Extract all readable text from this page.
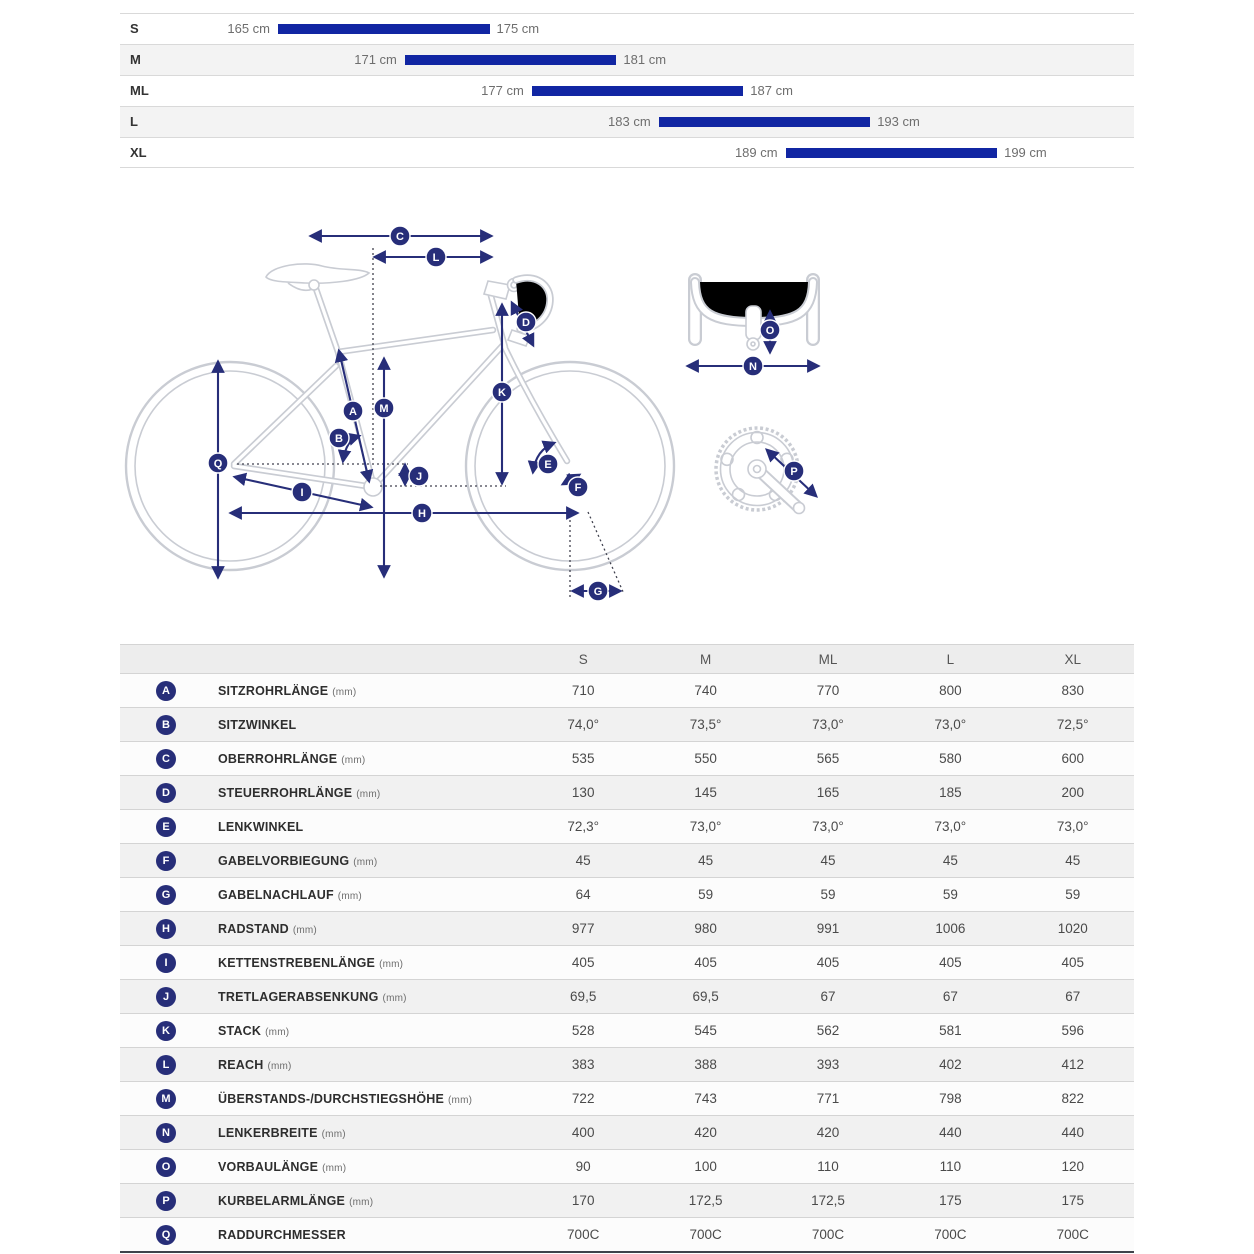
S	165 cm	175 cm
M	171 cm	181 cm
ML	177 cm	187 cm
L	183 cm	193 cm
XL	189 cm	199 cm
A
B
C
D
E
F
G
H
I
J
K
L
M
N
O
P
Q
S	M	ML	L	XL
A	SITZROHRLÄNGE (mm)	710	740	770	800	830
B	SITZWINKEL	74,0°	73,5°	73,0°	73,0°	72,5°
C	OBERROHRLÄNGE (mm)	535	550	565	580	600
D	STEUERROHRLÄNGE (mm)	130	145	165	185	200
E	LENKWINKEL	72,3°	73,0°	73,0°	73,0°	73,0°
F	GABELVORBIEGUNG (mm)	45	45	45	45	45
G	GABELNACHLAUF (mm)	64	59	59	59	59
H	RADSTAND (mm)	977	980	991	1006	1020
I	KETTENSTREBENLÄNGE (mm)	405	405	405	405	405
J	TRETLAGERABSENKUNG (mm)	69,5	69,5	67	67	67
K	STACK (mm)	528	545	562	581	596
L	REACH (mm)	383	388	393	402	412
M	ÜBERSTANDS-/DURCHSTIEGSHÖHE (mm)	722	743	771	798	822
N	LENKERBREITE (mm)	400	420	420	440	440
O	VORBAULÄNGE (mm)	90	100	110	110	120
P	KURBELARMLÄNGE (mm)	170	172,5	172,5	175	175
Q	RADDURCHMESSER	700C	700C	700C	700C	700C
